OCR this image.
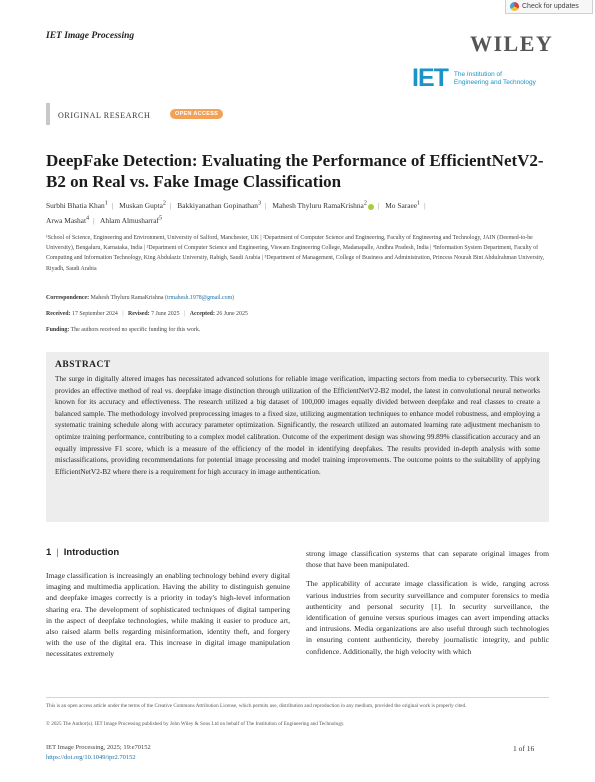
Check for updates
IET Image Processing	WILEY
IET The Institution of
Engineering and Technology
ORIGINAL RESEARCH	OPEN ACCESS
DeepFake Detection: Evaluating the Performance of EfficientNetV2-B2 on Real vs. Fake Image Classification
Surbhi Bhatia Khan$^1$ | Muskan Gupta$^2$ | Bakkiyanathan Gopinathan$^3$ | Mahesh Thyluru RamaKrishna$^2$ | Mo Saraee$^1$ |
Arwa Mashat$^4$ | Ahlam Almusharraf$^5$
¹School of Science, Engineering and Environment, University of Salford, Manchester, UK | ²Department of Computer Science and Engineering, Faculty of Engineering and Technology, JAIN (Deemed-to-be University), Bengaluru, Karnataka, India | ³Department of Computer Science and Engineering, Viswam Engineering College, Madanapalle, Andhra Pradesh, India | ⁴Information System Department, Faculty of Computing and Information Technology, King Abdulaziz University, Rabigh, Saudi Arabia | ⁵Department of Management, College of Business and Administration, Princess Nourah Bint Abdulrahman University, Riyadh, Saudi Arabia
Correspondence: Mahesh Thyluru RamaKrishna (trmahesh.1978@gmail.com)
Received: 17 September 2024 | Revised: 7 June 2025 | Accepted: 26 June 2025
Funding: The authors received no specific funding for this work.
ABSTRACT
The surge in digitally altered images has necessitated advanced solutions for reliable image verification, impacting sectors from media to cybersecurity. This work provides an effective method of real vs. deepfake image distinction through utilization of the EfficientNetV2-B2 model, the latest in convolutional neural networks known for its accuracy and effectiveness. The research utilized a big dataset of 100,000 images equally divided between deepfake and real classes to create a balanced sample. The methodology involved preprocessing images to a fixed size, utilizing augmentation techniques to enhance model robustness, and employing a systematic training schedule along with accuracy parameter optimization. Significantly, the research utilized an automated learning rate adjustment mechanism to optimize training performance, contributing to a complex model calibration. Outcome of the experiment design was showing 99.89% classification accuracy and an equally impressive F1 score, which is a measure of the efficiency of the model in identifying deepfakes. The results provided in-depth analysis with some misclassifications, providing recommendations for potential image processing and model training improvements. The outcome points to the suitability of applying EfficientNetV2-B2 where there is a requirement for high accuracy in image authentication.
1 | Introduction

Image classification is increasingly an enabling technology behind every digital imaging and multimedia application. Having the ability to distinguish genuine and deepfake images correctly is a priority in today's high-level information sharing era. The development of sophisticated techniques of digital tampering in the aspect of deepfake technologies, while making it easier to produce art, also raised alarm bells regarding misinformation, identity theft, and forgery with the use of the digital era. This increase in digital image manipulation necessitates extremely

strong image classification systems that can separate original images from those that have been manipulated.

The applicability of accurate image classification is wide, ranging across various industries from security surveillance and computer forensics to media authenticity and personal security [1]. In security surveillance, the identification of genuine versus spurious images can avert impending attacks and intrusions. Media organizations are also useful through such technologies in ensuring content authenticity, thereby journalistic integrity, and public confidence. Additionally, the high velocity with which

This is an open access article under the terms of the Creative Commons Attribution License, which permits use, distribution and reproduction in any medium, provided the original work is properly cited.
© 2025 The Author(s). IET Image Processing published by John Wiley & Sons Ltd on behalf of The Institution of Engineering and Technology.
IET Image Processing, 2025; 19:e70152
https://doi.org/10.1049/ipr2.70152
1 of 16
